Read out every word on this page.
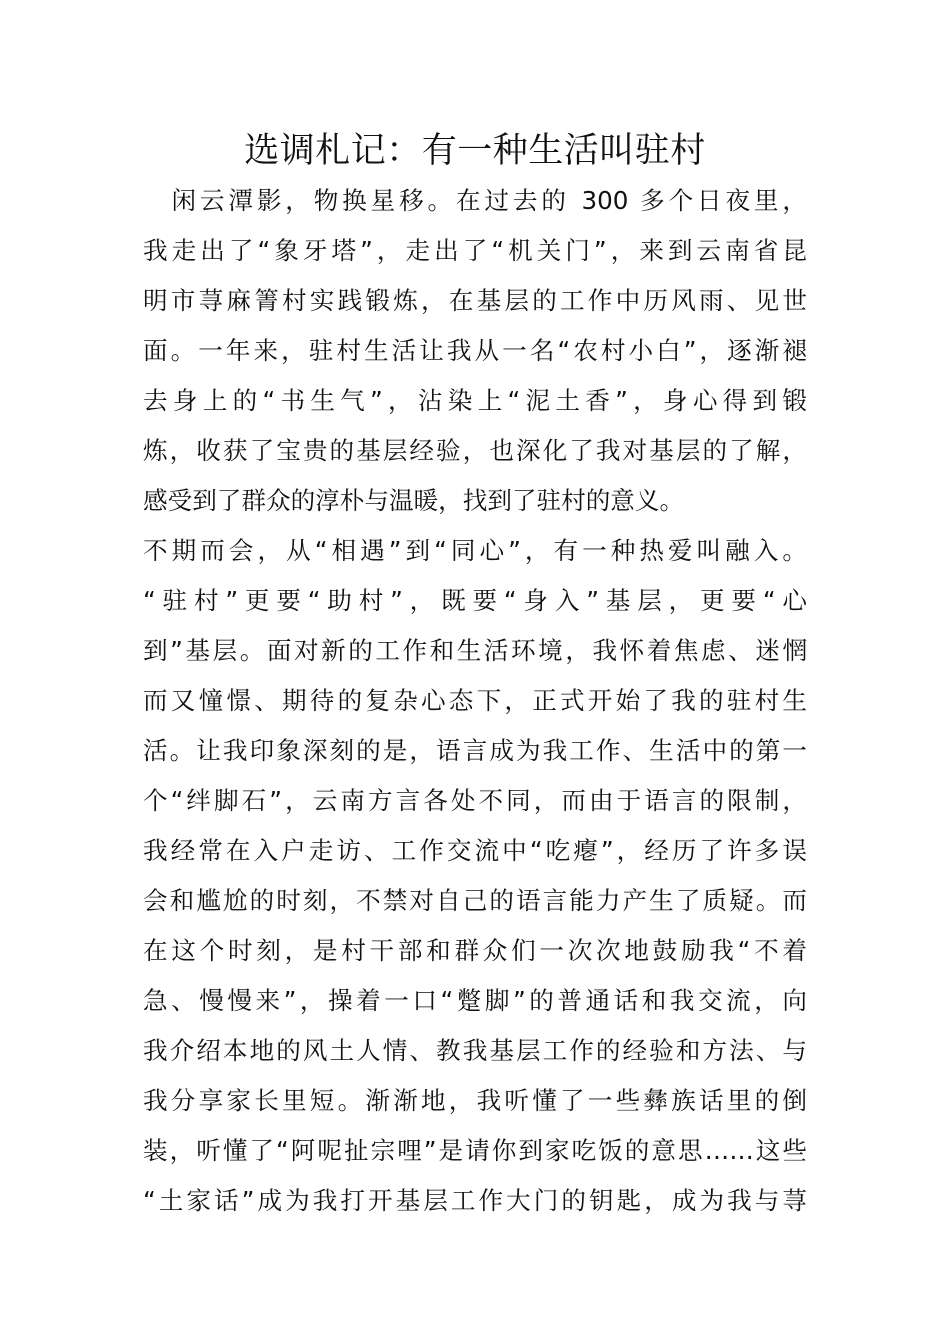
选调札记：有一种生活叫驻村
　闲云潭影，物换星移。在过去的 300 多个日夜里，
我走出了“象牙塔”，走出了“机关门”，来到云南省昆
明市荨麻箐村实践锻炼，在基层的工作中历风雨、见世
面。一年来，驻村生活让我从一名“农村小白”，逐渐褪
去身上的“书生气”，沾染上“泥土香”，身心得到锻
炼，收获了宝贵的基层经验，也深化了我对基层的了解，
感受到了群众的淳朴与温暖，找到了驻村的意义。
不期而会，从“相遇”到“同心”，有一种热爱叫融入。
“驻村”更要“助村”，既要“身入”基层，更要“心
到”基层。面对新的工作和生活环境，我怀着焦虑、迷惘
而又憧憬、期待的复杂心态下，正式开始了我的驻村生
活。让我印象深刻的是，语言成为我工作、生活中的第一
个“绊脚石”，云南方言各处不同，而由于语言的限制，
我经常在入户走访、工作交流中“吃瘪”，经历了许多误
会和尴尬的时刻，不禁对自己的语言能力产生了质疑。而
在这个时刻，是村干部和群众们一次次地鼓励我“不着
急、慢慢来”，操着一口“蹩脚”的普通话和我交流，向
我介绍本地的风土人情、教我基层工作的经验和方法、与
我分享家长里短。渐渐地，我听懂了一些彝族话里的倒
装，听懂了“阿呢扯宗哩”是请你到家吃饭的意思……这些
“土家话”成为我打开基层工作大门的钥匙，成为我与荨
